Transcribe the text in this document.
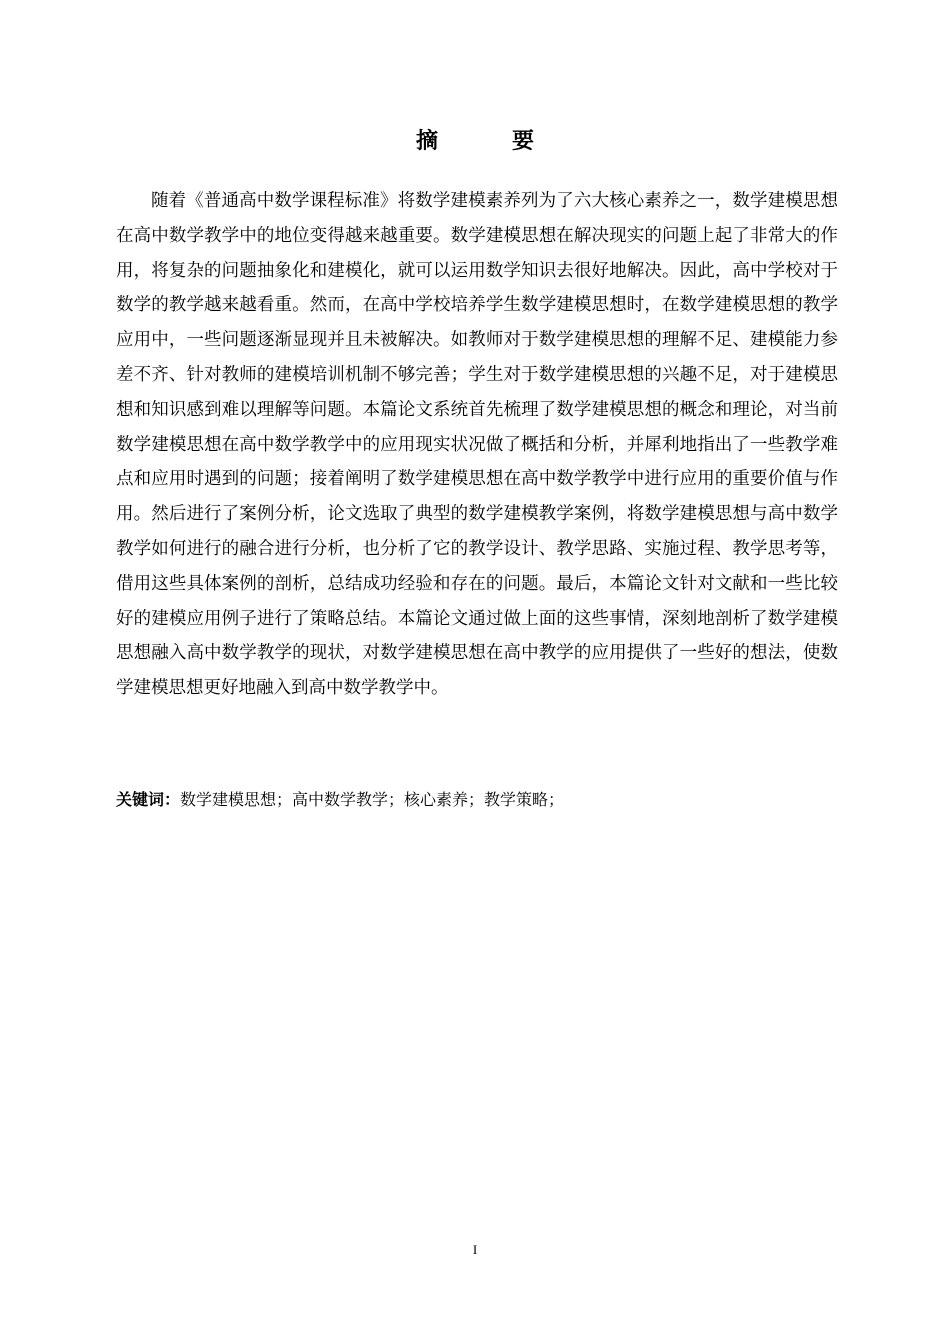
摘　要

随着《普通高中数学课程标准》将数学建模素养列为了六大核心素养之一，数学建模思想在高中数学教学中的地位变得越来越重要。数学建模思想在解决现实的问题上起了非常大的作用，将复杂的问题抽象化和建模化，就可以运用数学知识去很好地解决。因此，高中学校对于数学的教学越来越看重。然而，在高中学校培养学生数学建模思想时，在数学建模思想的教学应用中，一些问题逐渐显现并且未被解决。如教师对于数学建模思想的理解不足、建模能力参差不齐、针对教师的建模培训机制不够完善；学生对于数学建模思想的兴趣不足，对于建模思想和知识感到难以理解等问题。本篇论文系统首先梳理了数学建模思想的概念和理论，对当前数学建模思想在高中数学教学中的应用现实状况做了概括和分析，并犀利地指出了一些教学难点和应用时遇到的问题；接着阐明了数学建模思想在高中数学教学中进行应用的重要价值与作用。然后进行了案例分析，论文选取了典型的数学建模教学案例，将数学建模思想与高中数学教学如何进行的融合进行分析，也分析了它的教学设计、教学思路、实施过程、教学思考等，借用这些具体案例的剖析，总结成功经验和存在的问题。最后，本篇论文针对文献和一些比较好的建模应用例子进行了策略总结。本篇论文通过做上面的这些事情，深刻地剖析了数学建模思想融入高中数学教学的现状，对数学建模思想在高中教学的应用提供了一些好的想法，使数学建模思想更好地融入到高中数学教学中。

关键词：数学建模思想；高中数学教学；核心素养；教学策略；

I
